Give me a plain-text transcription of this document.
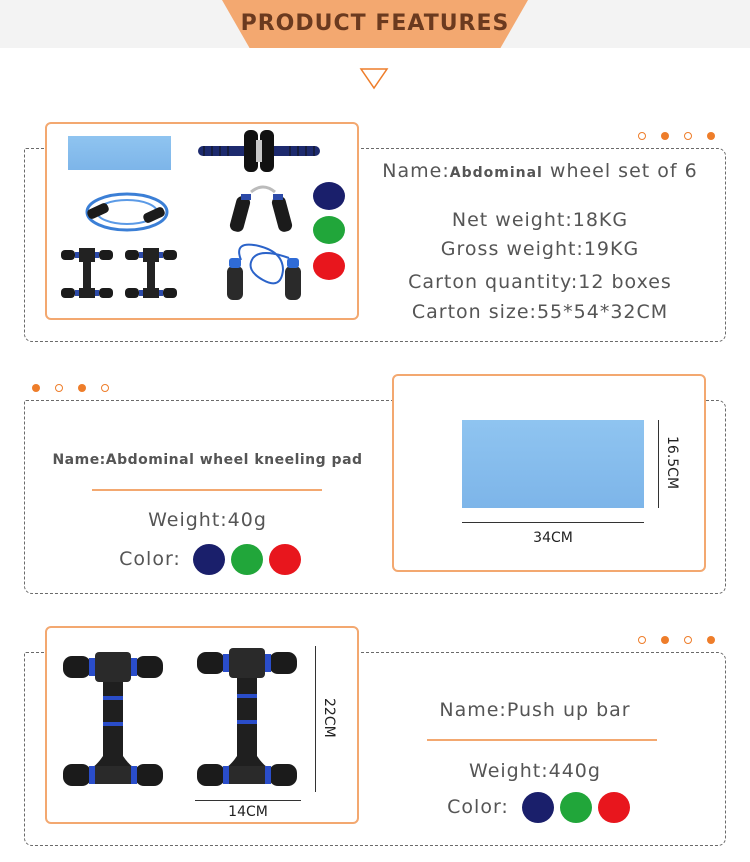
PRODUCT FEATURES
Name:Abdominal wheel set of 6
Net weight:18KG
Gross weight:19KG
Carton quantity:12 boxes
Carton size:55*54*32CM
Name:Abdominal wheel kneeling pad
Weight:40g
Color:
34CM
16.5CM
14CM
22CM	Name:Push up bar
Weight:440g
Color:
